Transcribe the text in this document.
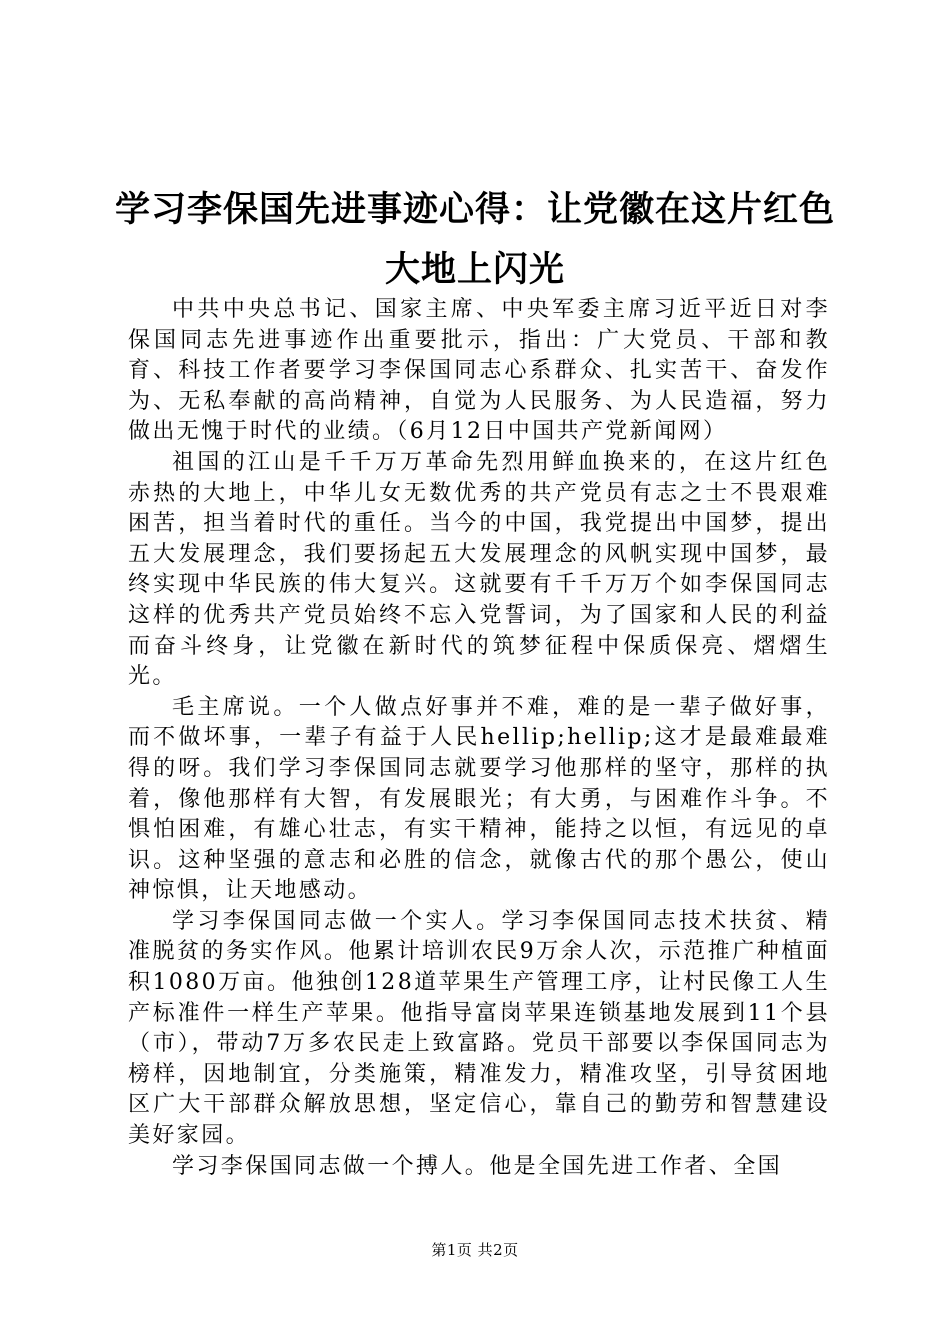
学习李保国先进事迹心得：让党徽在这片红色大地上闪光

中共中央总书记、国家主席、中央军委主席习近平近日对李保国同志先进事迹作出重要批示，指出：广大党员、干部和教育、科技工作者要学习李保国同志心系群众、扎实苦干、奋发作为、无私奉献的高尚精神，自觉为人民服务、为人民造福，努力做出无愧于时代的业绩。（6月12日中国共产党新闻网）

祖国的江山是千千万万革命先烈用鲜血换来的，在这片红色赤热的大地上，中华儿女无数优秀的共产党员有志之士不畏艰难困苦，担当着时代的重任。当今的中国，我党提出中国梦，提出五大发展理念，我们要扬起五大发展理念的风帆实现中国梦，最终实现中华民族的伟大复兴。这就要有千千万万个如李保国同志这样的优秀共产党员始终不忘入党誓词，为了国家和人民的利益而奋斗终身，让党徽在新时代的筑梦征程中保质保亮、熠熠生光。

毛主席说。一个人做点好事并不难，难的是一辈子做好事，而不做坏事，一辈子有益于人民hellip;hellip;这才是最难最难得的呀。我们学习李保国同志就要学习他那样的坚守，那样的执着，像他那样有大智，有发展眼光；有大勇，与困难作斗争。不惧怕困难，有雄心壮志，有实干精神，能持之以恒，有远见的卓识。这种坚强的意志和必胜的信念，就像古代的那个愚公，使山神惊惧，让天地感动。

学习李保国同志做一个实人。学习李保国同志技术扶贫、精准脱贫的务实作风。他累计培训农民9万余人次，示范推广种植面积1080万亩。他独创128道苹果生产管理工序，让村民像工人生产标准件一样生产苹果。他指导富岗苹果连锁基地发展到11个县（市），带动7万多农民走上致富路。党员干部要以李保国同志为榜样，因地制宜，分类施策，精准发力，精准攻坚，引导贫困地区广大干部群众解放思想，坚定信心，靠自己的勤劳和智慧建设美好家园。

学习李保国同志做一个搏人。他是全国先进工作者、全国

第1页 共2页
